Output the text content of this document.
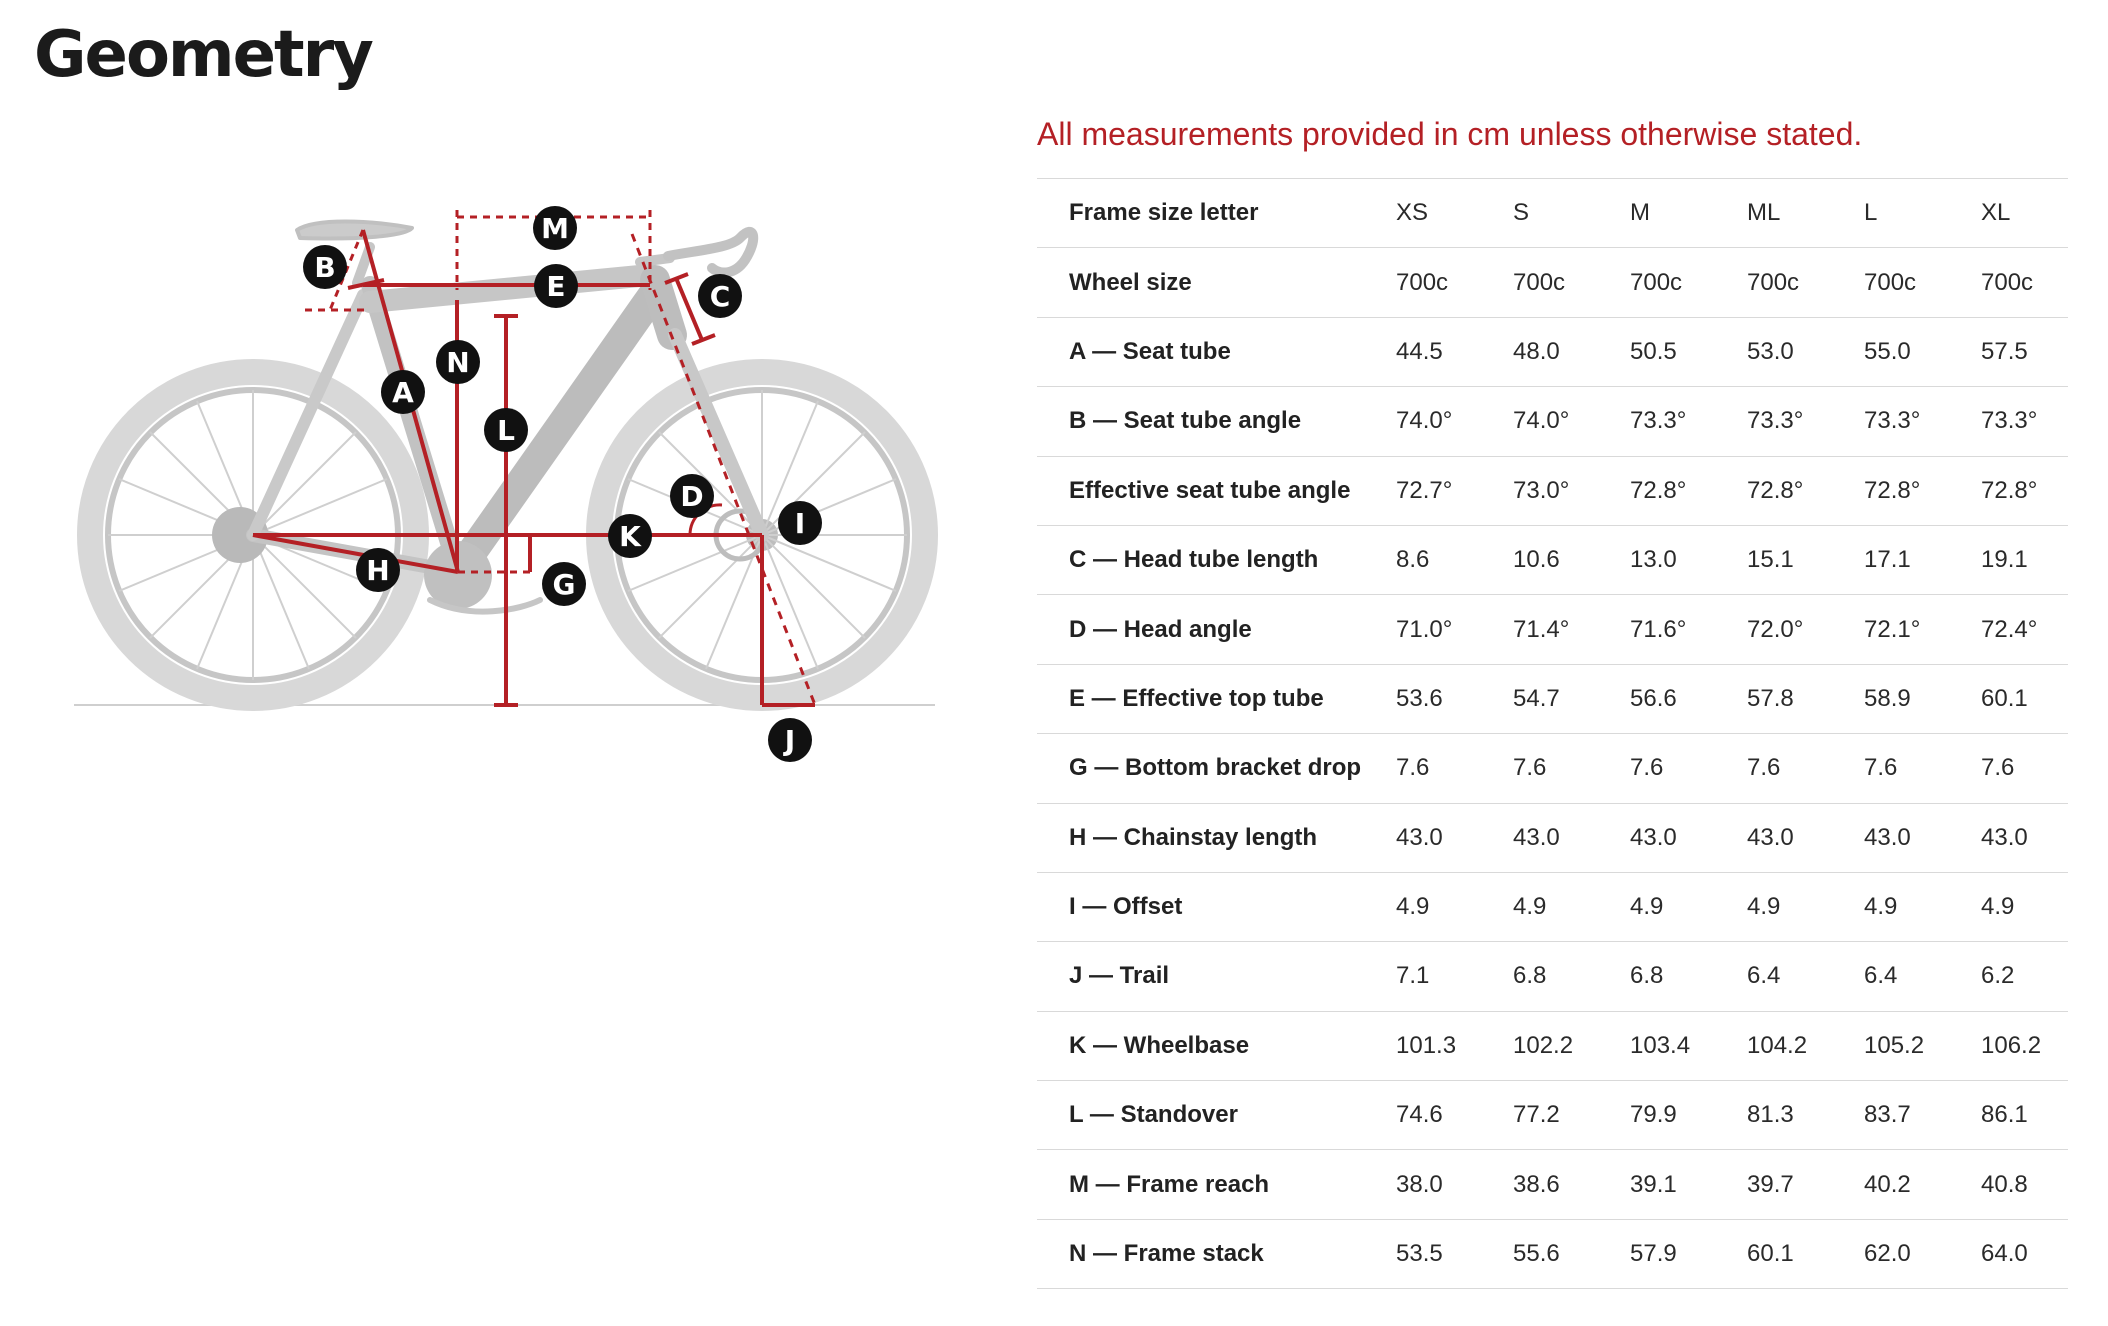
Geometry
A
B
C
D
E
G
H
I
J
K
L
M
N
All measurements provided in cm unless otherwise stated.
Frame size letter	XS	S	M	ML	L	XL
Wheel size	700c	700c	700c	700c	700c	700c
A — Seat tube	44.5	48.0	50.5	53.0	55.0	57.5
B — Seat tube angle	74.0°	74.0°	73.3°	73.3°	73.3°	73.3°
Effective seat tube angle	72.7°	73.0°	72.8°	72.8°	72.8°	72.8°
C — Head tube length	8.6	10.6	13.0	15.1	17.1	19.1
D — Head angle	71.0°	71.4°	71.6°	72.0°	72.1°	72.4°
E — Effective top tube	53.6	54.7	56.6	57.8	58.9	60.1
G — Bottom bracket drop	7.6	7.6	7.6	7.6	7.6	7.6
H — Chainstay length	43.0	43.0	43.0	43.0	43.0	43.0
I — Offset	4.9	4.9	4.9	4.9	4.9	4.9
J — Trail	7.1	6.8	6.8	6.4	6.4	6.2
K — Wheelbase	101.3	102.2	103.4	104.2	105.2	106.2
L — Standover	74.6	77.2	79.9	81.3	83.7	86.1
M — Frame reach	38.0	38.6	39.1	39.7	40.2	40.8
N — Frame stack	53.5	55.6	57.9	60.1	62.0	64.0
